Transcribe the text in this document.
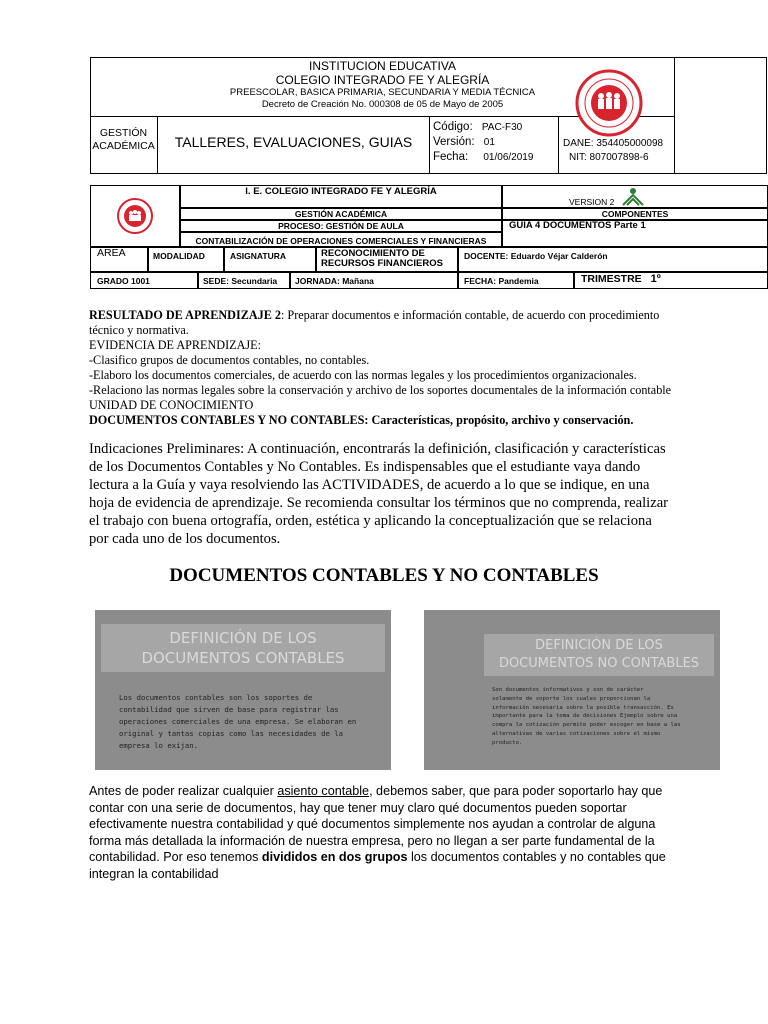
INSTITUCION EDUCATIVA
COLEGIO INTEGRADO FE Y ALEGRÍA
PREESCOLAR, BASICA PRIMARIA, SECUNDARIA Y MEDIA TÉCNICA
Decreto de Creación No. 000308 de 05 de Mayo de 2005
GESTIÓN
ACADÉMICA	TALLERES, EVALUACIONES, GUIAS
Código: PAC-F30
Versión: 01
Fecha: 01/06/2019
DANE: 354405000098
NIT: 807007898-6
I. E. COLEGIO INTEGRADO FE Y ALEGRÍA
VERSION 2
GESTIÓN ACADÉMICA	COMPONENTES
PROCESO: GESTIÓN DE AULA	GUIA 4 DOCUMENTOS Parte 1
CONTABILIZACIÓN DE OPERACIONES COMERCIALES Y FINANCIERAS
AREA	MODALIDAD	ASIGNATURA	RECONOCIMIENTO DE
RECURSOS FINANCIEROS
DOCENTE: Eduardo Véjar Calderón
GRADO 1001	SEDE: Secundaria	JORNADA: Mañana	FECHA: Pandemia	TRIMESTRE 1º
RESULTADO DE APRENDIZAJE 2: Preparar documentos e información contable, de acuerdo con procedimiento
técnico y normativa.
EVIDENCIA DE APRENDIZAJE:
-Clasifico grupos de documentos contables, no contables.
-Elaboro los documentos comerciales, de acuerdo con las normas legales y los procedimientos organizacionales.
-Relaciono las normas legales sobre la conservación y archivo de los soportes documentales de la información contable
UNIDAD DE CONOCIMIENTO
DOCUMENTOS CONTABLES Y NO CONTABLES: Características, propósito, archivo y conservación.
Indicaciones Preliminares: A continuación, encontrarás la definición, clasificación y características
de los Documentos Contables y No Contables. Es indispensables que el estudiante vaya dando
lectura a la Guía y vaya resolviendo las ACTIVIDADES, de acuerdo a lo que se indique, en una
hoja de evidencia de aprendizaje. Se recomienda consultar los términos que no comprenda, realizar
el trabajo con buena ortografía, orden, estética y aplicando la conceptualización que se relaciona
por cada uno de los documentos.
DOCUMENTOS CONTABLES Y NO CONTABLES
DEFINICIÓN DE LOS
DOCUMENTOS CONTABLES
Los documentos contables son los soportes de
contabilidad que sirven de base para registrar las
operaciones comerciales de una empresa. Se elaboran en
original y tantas copias como las necesidades de la
empresa lo exijan.
DEFINICIÓN DE LOS
DOCUMENTOS NO CONTABLES
Son documentos informativos y son de carácter
solamente de soporte los cuales proporcionan la
información necesaria sobre la posible transacción. Es
importante para la toma de decisiones Ejemplo sobre una
compra la cotización permite poder escoger en base a las
alternativas de varias cotizaciones sobre el mismo
producto.
Antes de poder realizar cualquier asiento contable, debemos saber, que para poder soportarlo hay que
contar con una serie de documentos, hay que tener muy claro qué documentos pueden soportar
efectivamente nuestra contabilidad y qué documentos simplemente nos ayudan a controlar de alguna
forma más detallada la información de nuestra empresa, pero no llegan a ser parte fundamental de la
contabilidad. Por eso tenemos divididos en dos grupos los documentos contables y no contables que
integran la contabilidad
